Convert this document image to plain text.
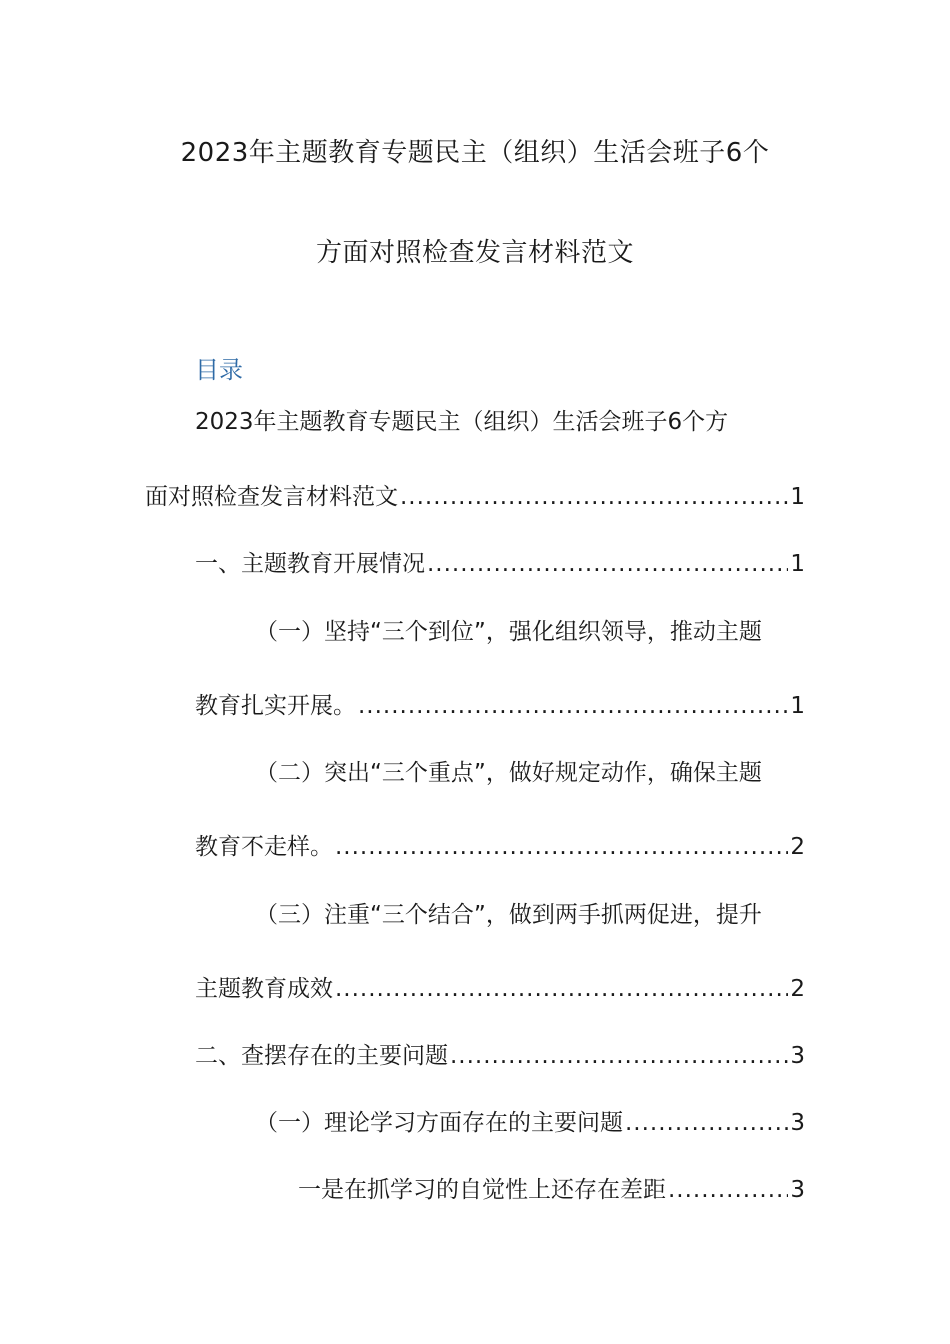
2023年主题教育专题民主（组织）生活会班子6个
方面对照检查发言材料范文
目录
2023年主题教育专题民主（组织）生活会班子6个方
面对照检查发言材料范文 .....	1
一、主题教育开展情况 .....	1
（一）坚持“三个到位”，强化组织领导，推动主题
教育扎实开展。 .....	1
（二）突出“三个重点”，做好规定动作，确保主题
教育不走样。 .....	2
（三）注重“三个结合”，做到两手抓两促进，提升
主题教育成效 .....	2
二、查摆存在的主要问题 .....	3
（一）理论学习方面存在的主要问题 .....	3
一是在抓学习的自觉性上还存在差距 .....	3
